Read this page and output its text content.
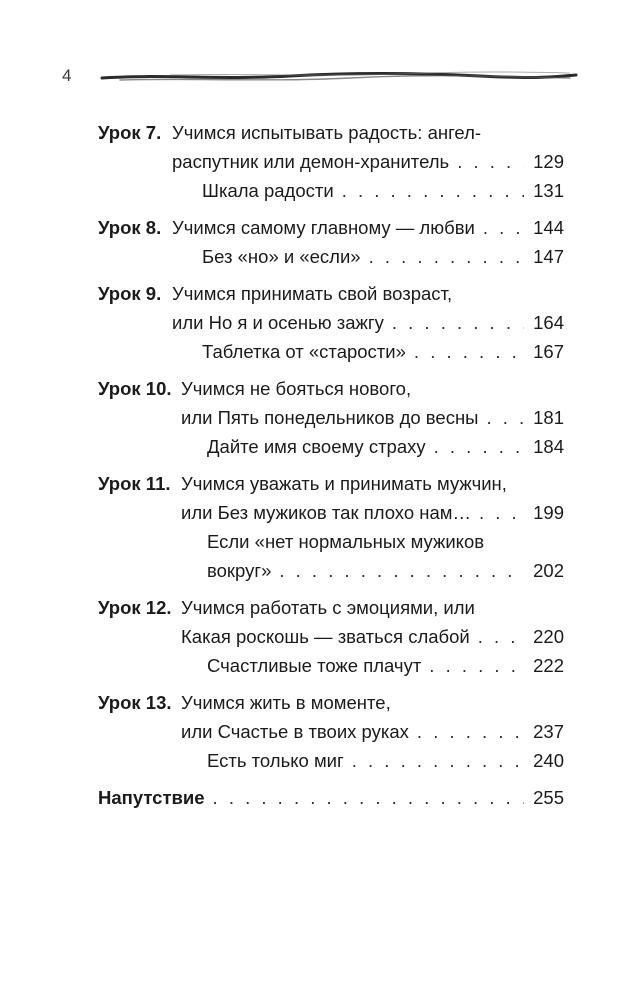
4
Урок 7. Учимся испытывать радость: ангел-
распутник или демон-хранитель . . .	129
Шкала радости . . .	131
Урок 8. Учимся самому главному — любви . . .	144
Без «но» и «если» . . .	147
Урок 9. Учимся принимать свой возраст,
или Но я и осенью зажгу . . .	164
Таблетка от «старости» . . .	167
Урок 10. Учимся не бояться нового,
или Пять понедельников до весны . . .	181
Дайте имя своему страху . . .	184
Урок 11. Учимся уважать и принимать мужчин,
или Без мужиков так плохо нам… . . .	199
Если «нет нормальных мужиков
вокруг» . . .	202
Урок 12. Учимся работать с эмоциями, или
Какая роскошь — зваться слабой . . .	220
Счастливые тоже плачут . . .	222
Урок 13. Учимся жить в моменте,
или Счастье в твоих руках . . .	237
Есть только миг . . .	240
Напутствие . . .	255
